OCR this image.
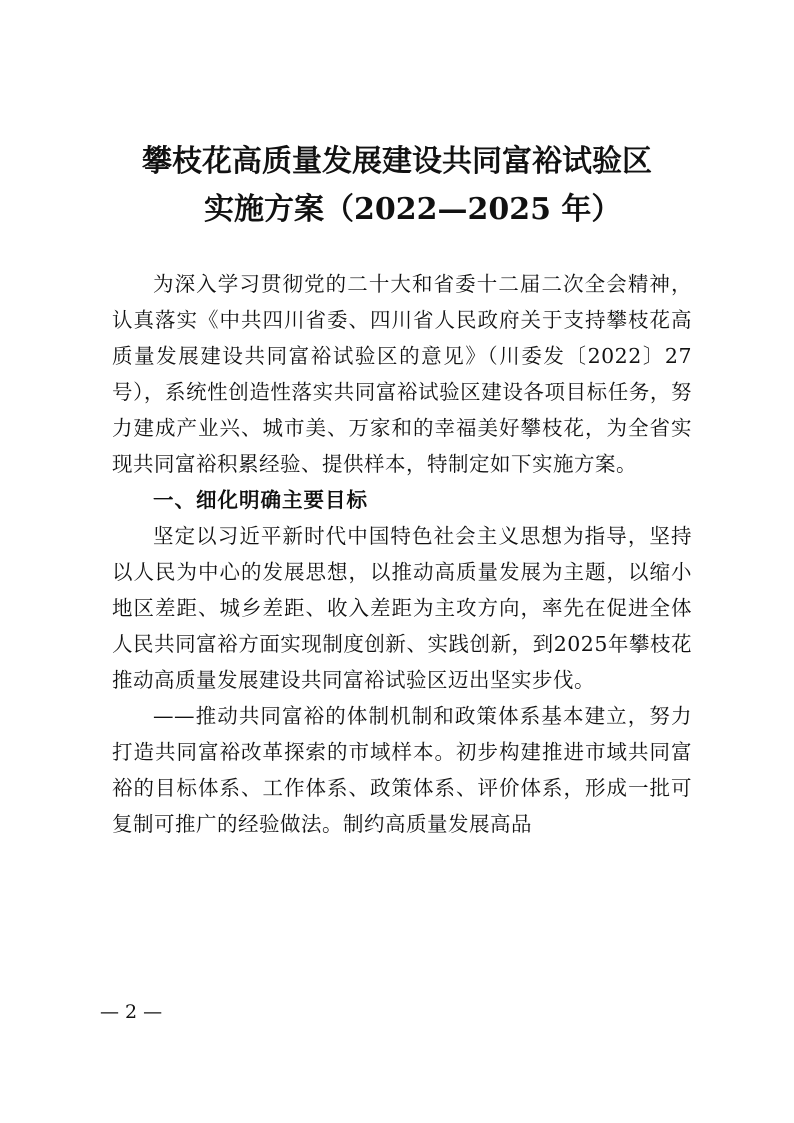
攀枝花高质量发展建设共同富裕试验区
实施方案（2022—2025 年）

为深入学习贯彻党的二十大和省委十二届二次全会精神，认真落实《中共四川省委、四川省人民政府关于支持攀枝花高质量发展建设共同富裕试验区的意见》（川委发〔2022〕27号），系统性创造性落实共同富裕试验区建设各项目标任务，努力建成产业兴、城市美、万家和的幸福美好攀枝花，为全省实现共同富裕积累经验、提供样本，特制定如下实施方案。

一、细化明确主要目标

坚定以习近平新时代中国特色社会主义思想为指导，坚持以人民为中心的发展思想，以推动高质量发展为主题，以缩小地区差距、城乡差距、收入差距为主攻方向，率先在促进全体人民共同富裕方面实现制度创新、实践创新，到2025年攀枝花推动高质量发展建设共同富裕试验区迈出坚实步伐。

——推动共同富裕的体制机制和政策体系基本建立，努力打造共同富裕改革探索的市域样本。初步构建推进市域共同富裕的目标体系、工作体系、政策体系、评价体系，形成一批可复制可推广的经验做法。制约高质量发展高品

— 2 —
